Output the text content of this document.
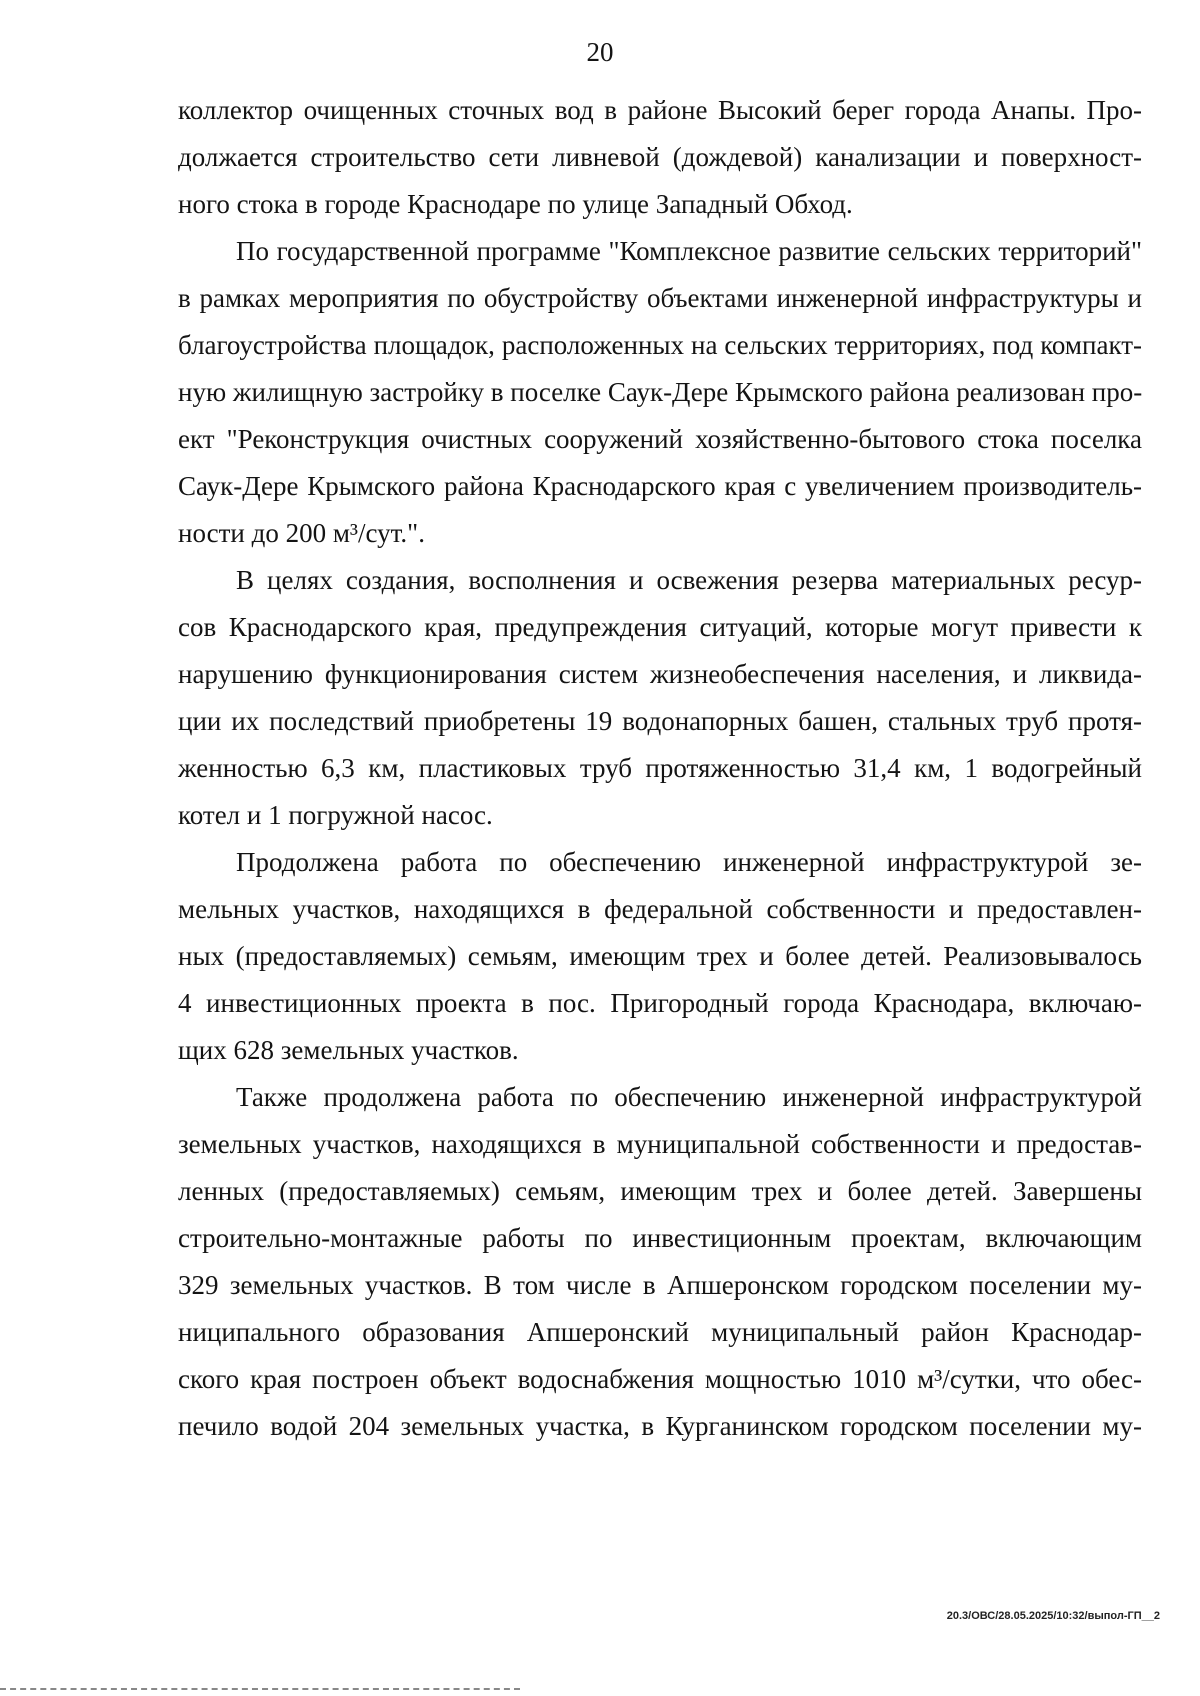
20

коллектор очищенных сточных вод в районе Высокий берег города Анапы. Про-
должается строительство сети ливневой (дождевой) канализации и поверхност-
ного стока в городе Краснодаре по улице Западный Обход.

По государственной программе "Комплексное развитие сельских территорий"
в рамках мероприятия по обустройству объектами инженерной инфраструктуры и
благоустройства площадок, расположенных на сельских территориях, под компакт-
ную жилищную застройку в поселке Саук-Дере Крымского района реализован про-
ект "Реконструкция очистных сооружений хозяйственно-бытового стока поселка
Саук-Дере Крымского района Краснодарского края с увеличением производитель-
ности до 200 м³/сут.".

В целях создания, восполнения и освежения резерва материальных ресур-
сов Краснодарского края, предупреждения ситуаций, которые могут привести к
нарушению функционирования систем жизнеобеспечения населения, и ликвида-
ции их последствий приобретены 19 водонапорных башен, стальных труб протя-
женностью 6,3 км, пластиковых труб протяженностью 31,4 км, 1 водогрейный
котел и 1 погружной насос.

Продолжена работа по обеспечению инженерной инфраструктурой зе-
мельных участков, находящихся в федеральной собственности и предоставлен-
ных (предоставляемых) семьям, имеющим трех и более детей. Реализовывалось
4 инвестиционных проекта в пос. Пригородный города Краснодара, включаю-
щих 628 земельных участков.

Также продолжена работа по обеспечению инженерной инфраструктурой
земельных участков, находящихся в муниципальной собственности и предостав-
ленных (предоставляемых) семьям, имеющим трех и более детей. Завершены
строительно-монтажные работы по инвестиционным проектам, включающим
329 земельных участков. В том числе в Апшеронском городском поселении му-
ниципального образования Апшеронский муниципальный район Краснодар-
ского края построен объект водоснабжения мощностью 1010 м³/сутки, что обес-
печило водой 204 земельных участка, в Курганинском городском поселении му-

20.3/ОВС/28.05.2025/10:32/выпол-ГП__2
